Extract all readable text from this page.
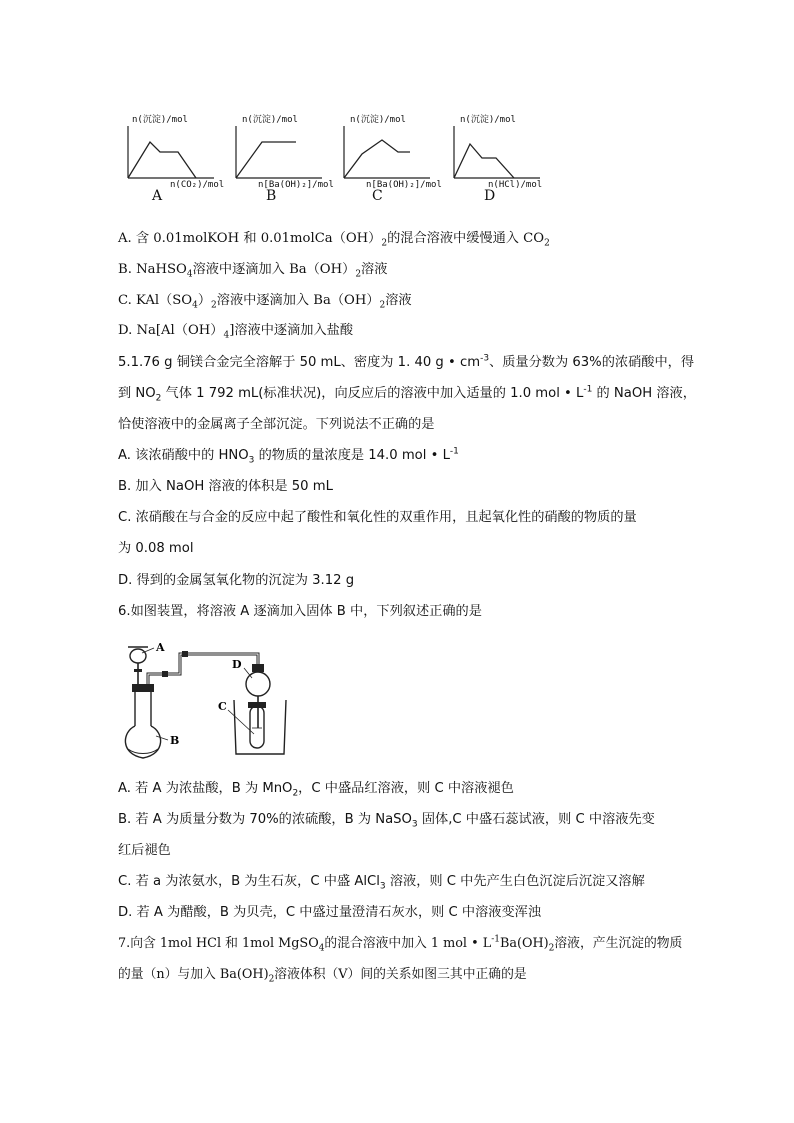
n(沉淀)/mol
n(CO₂)/mol
A
n(沉淀)/mol
n[Ba(OH)₂]/mol
B
n(沉淀)/mol
n[Ba(OH)₂]/mol
C
n(沉淀)/mol
n(HCl)/mol
D
A. 含 0.01molKOH 和 $0.01molCa(OH)_2$的混合溶液中缓慢通入 $CO_2$
B. NaHSO$_4$溶液中逐滴加入 $Ba(OH)_2$溶液
C. $KAl(SO_4)_2$溶液中逐滴加入 $Ba(OH)_2$溶液
D. $Na[Al(OH)_4]$溶液中逐滴加入盐酸
5.1.76 g 铜镁合金完全溶解于 50 mL、密度为 1. 40 g • $cm^{-3}$、质量分数为 63%的浓硝酸中，得
到 $NO_2$ 气体 1 792 mL(标准状况)，向反应后的溶液中加入适量的 1.0 mol • $L^{-1}$ 的 NaOH 溶液，
恰使溶液中的金属离子全部沉淀。下列说法不正确的是
A. 该浓硝酸中的 $HNO_3$ 的物质的量浓度是 14.0 mol • $L^{-1}$
B. 加入 NaOH 溶液的体积是 50 mL
C. 浓硝酸在与合金的反应中起了酸性和氧化性的双重作用，且起氧化性的硝酸的物质的量
为 0.08 mol
D. 得到的金属氢氧化物的沉淀为 3.12 g
6.如图装置，将溶液 A 逐滴加入固体 B 中，下列叙述正确的是
A
B
C
D
A. 若 A 为浓盐酸，B 为 MnO$_2$，C 中盛品红溶液，则 C 中溶液褪色
B. 若 A 为质量分数为 70%的浓硫酸，B 为 NaSO$_3$ 固体,C 中盛石蕊试液，则 C 中溶液先变
红后褪色
C. 若 a 为浓氨水，B 为生石灰，C 中盛 AlCl$_3$ 溶液，则 C 中先产生白色沉淀后沉淀又溶解
D. 若 A 为醋酸，B 为贝壳，C 中盛过量澄清石灰水，则 C 中溶液变浑浊
7.向含 1mol HCl 和 1mol MgSO$_4$的混合溶液中加入 1 mol • $L^{-1}Ba(OH)_2$溶液，产生沉淀的物质
的量（n）与加入 $Ba(OH)_2$溶液体积（V）间的关系如图三其中正确的是
